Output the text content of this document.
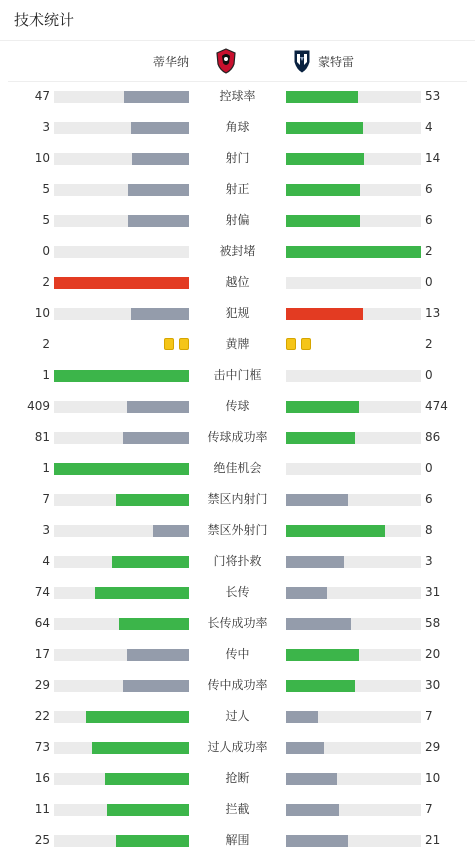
技术统计
蒂华纳	蒙特雷
47	控球率	53
3	角球	4
10	射门	14
5	射正	6
5	射偏	6
0	被封堵	2
2	越位	0
10	犯规	13
2	黄牌	2
1	击中门框	0
409	传球	474
81	传球成功率	86
1	绝佳机会	0
7	禁区内射门	6
3	禁区外射门	8
4	门将扑救	3
74	长传	31
64	长传成功率	58
17	传中	20
29	传中成功率	30
22	过人	7
73	过人成功率	29
16	抢断	10
11	拦截	7
25	解围	21
